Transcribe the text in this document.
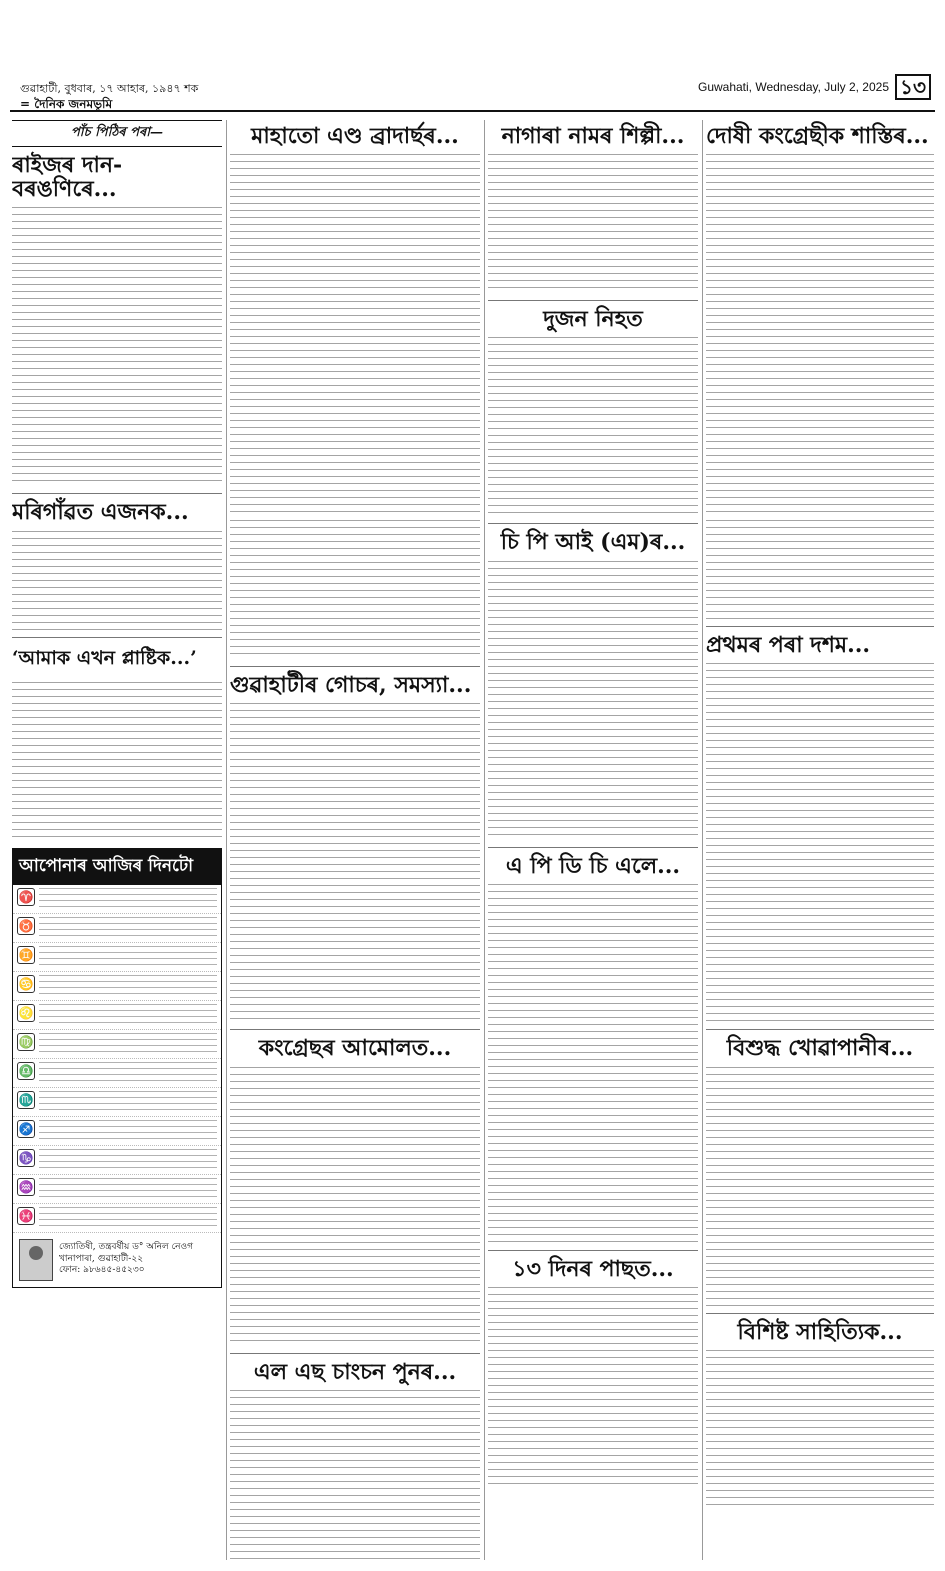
গুৱাহাটী, বুধবাৰ, ১৭ আহাৰ, ১৯৪৭ শক
= দৈনিক জনমভূমি
Guwahati, Wednesday, July 2, 2025 ১৩
পাঁচ পিঠিৰ পৰা—
ৰাইজৰ দান-বৰঙণিৰে...
মৰিগাঁৱত এজনক...
‘আমাক এখন প্লাষ্টিক...’
আপোনাৰ আজিৰ দিনটো
♈
♉
♊
♋
♌
♍
♎
♏
♐
♑
♒
♓
জ্যোতিষী, তন্ত্ৰবৰ্ষীয় ড° অনিল নেওগ
খানাপাৰা, গুৱাহাটী-২২
ফোন: ৯৮৬৪৫-৪৫২৩০
মাহাতো এণ্ড ব্ৰাদাৰ্ছৰ...
গুৱাহাটীৰ গোচৰ, সমস্যা...
কংগ্ৰেছৰ আমোলত...
এল এছ চাংচন পুনৰ...
নাগাৰা নামৰ শিল্পী...
দুজন নিহত
চি পি আই (এম)ৰ...
এ পি ডি চি এলে...
১৩ দিনৰ পাছত...
দোষী কংগ্ৰেছীক শাস্তিৰ...
প্ৰথমৰ পৰা দশম...
বিশুদ্ধ খোৱাপানীৰ...
বিশিষ্ট সাহিত্যিক...
